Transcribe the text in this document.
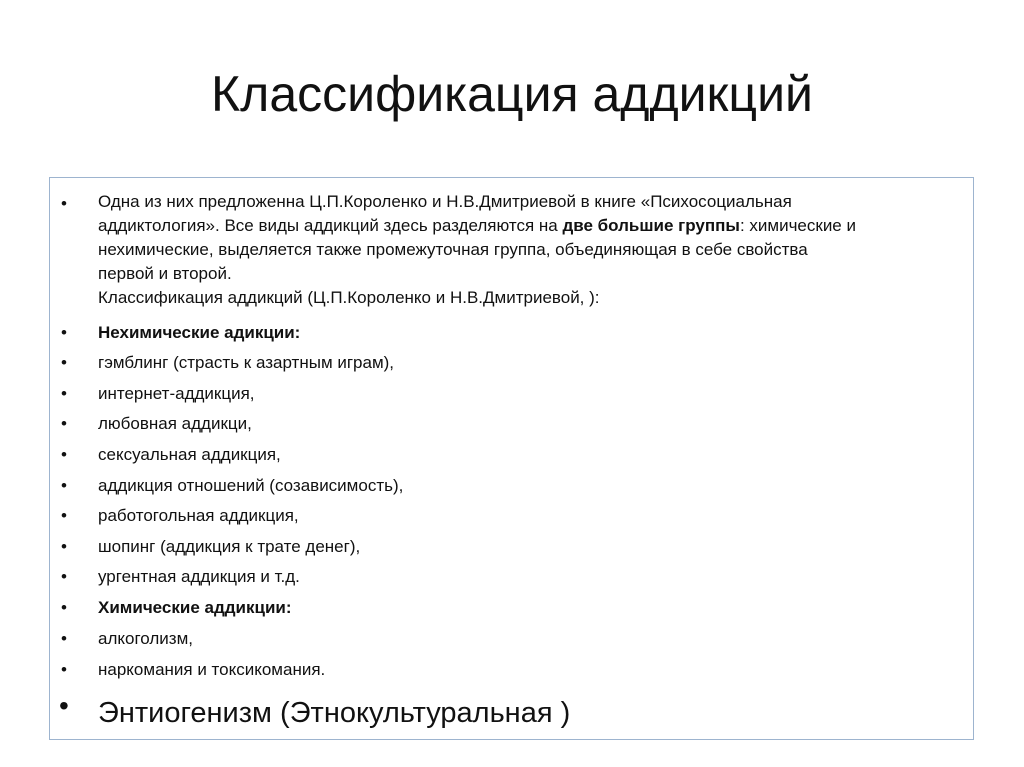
Классификация аддикций
• Одна из них предложенна Ц.П.Короленко и Н.В.Дмитриевой в книге «Психосоциальная
аддиктология». Все виды аддикций здесь разделяются на две большие группы: химические и
нехимические, выделяется также промежуточная группа, объединяющая в себе свойства
первой и второй.
Классификация аддикций (Ц.П.Короленко и Н.В.Дмитриевой, ):
• Нехимические адикции:
• гэмблинг (страсть к азартным играм),
• интернет-аддикция,
• любовная аддикци,
• сексуальная аддикция,
• аддикция отношений (созависимость),
• работогольная аддикция,
• шопинг (аддикция к трате денег),
• ургентная аддикция и т.д.
• Химические аддикции:
• алкоголизм,
• наркомания и токсикомания.
• Энтиогенизм (Этнокультуральная )
